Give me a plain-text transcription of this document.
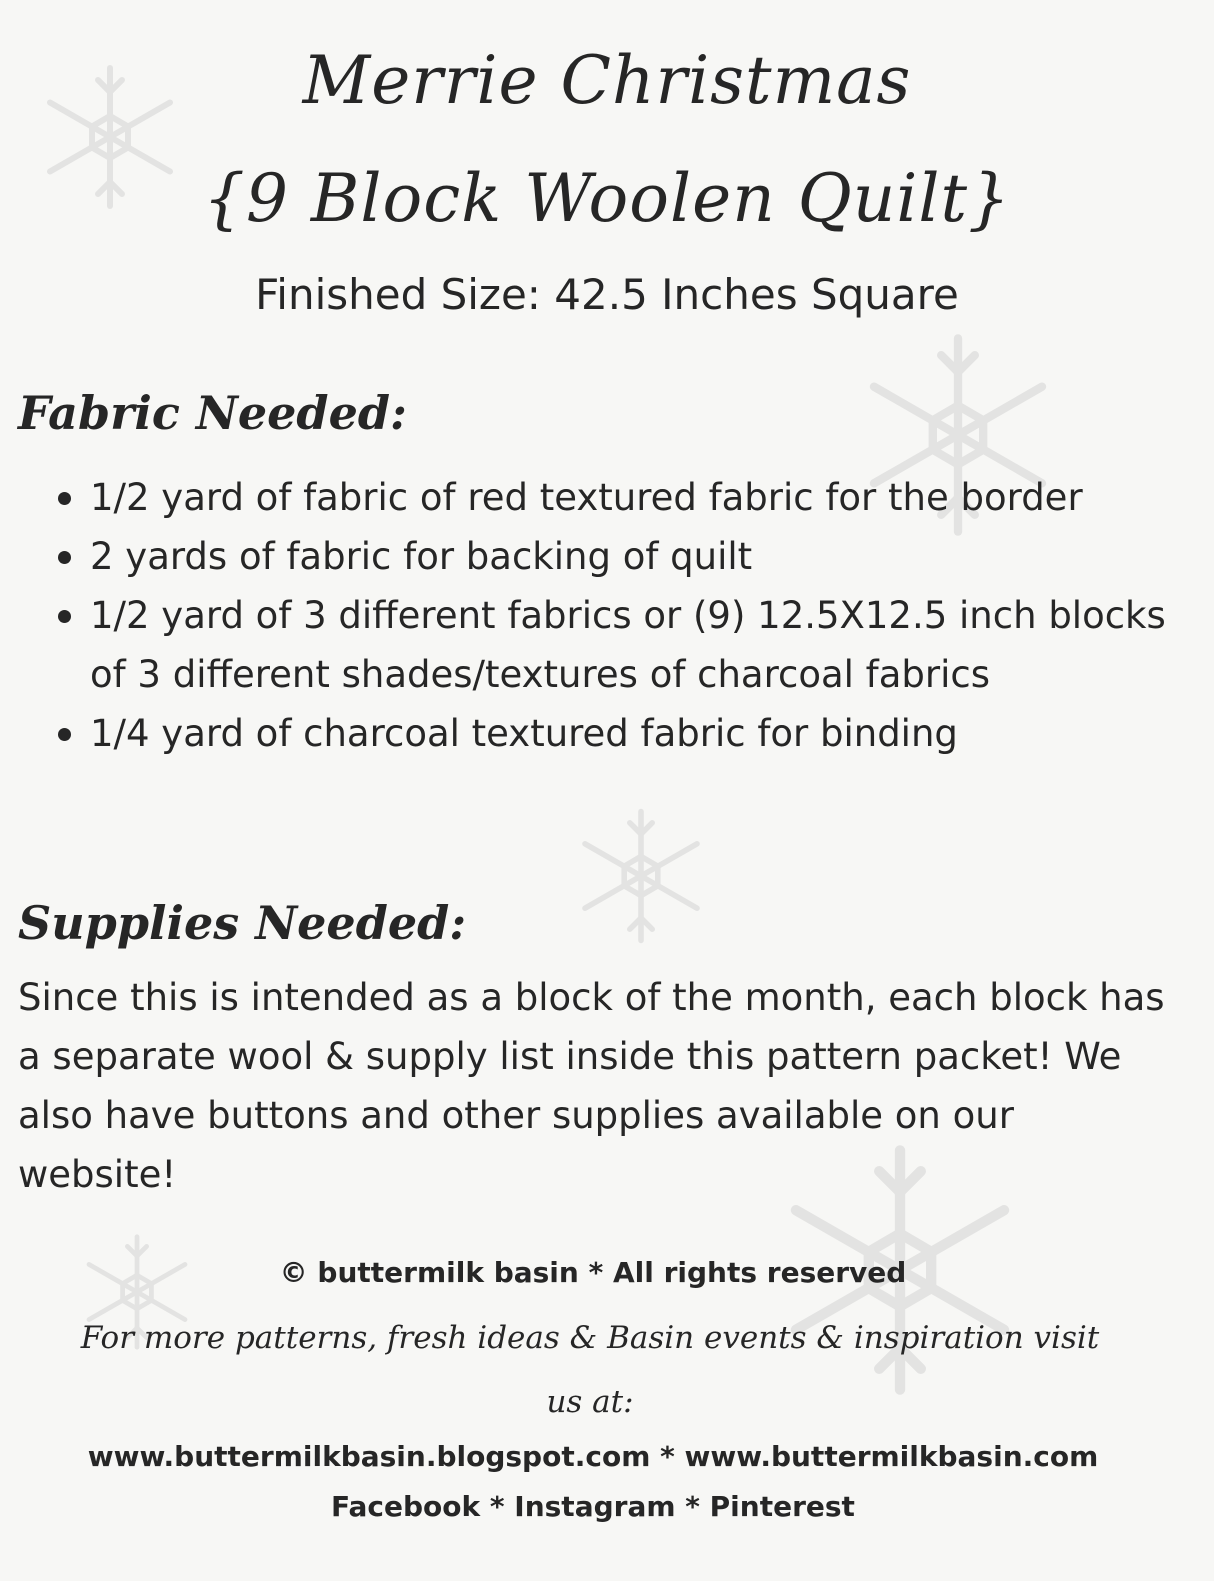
Merrie Christmas
{9 Block Woolen Quilt}
Finished Size: 42.5 Inches Square
Fabric Needed:
1/2 yard of fabric of red textured fabric for the border
2 yards of fabric for backing of quilt
1/2 yard of 3 different fabrics or (9) 12.5X12.5 inch blocks of 3 different shades/textures of charcoal fabrics
1/4 yard of charcoal textured fabric for binding
Supplies Needed:

Since this is intended as a block of the month, each block has a separate wool & supply list inside this pattern packet! We also have buttons and other supplies available on our website!

© buttermilk basin * All rights reserved
For more patterns, fresh ideas & Basin events & inspiration visit us at:
www.buttermilkbasin.blogspot.com * www.buttermilkbasin.com
Facebook * Instagram * Pinterest
